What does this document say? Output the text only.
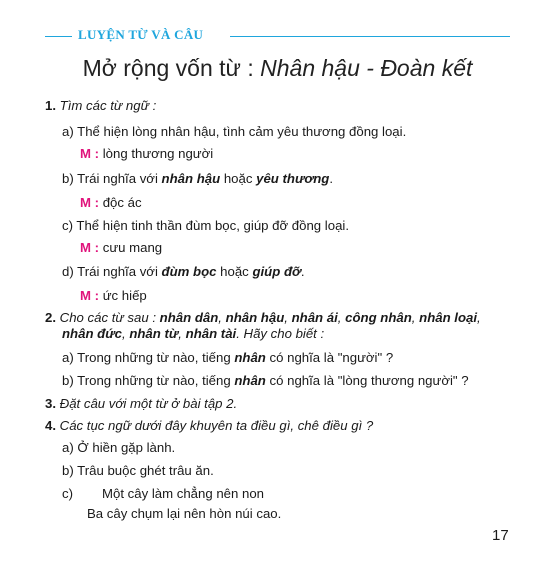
LUYỆN TỪ VÀ CÂU
Mở rộng vốn từ : Nhân hậu - Đoàn kết
1. Tìm các từ ngữ :
a) Thể hiện lòng nhân hậu, tình cảm yêu thương đồng loại.
M : lòng thương người
b) Trái nghĩa với nhân hậu hoặc yêu thương.
M : độc ác
c) Thể hiện tinh thần đùm bọc, giúp đỡ đồng loại.
M : cưu mang
d) Trái nghĩa với đùm bọc hoặc giúp đỡ.
M : ức hiếp
2. Cho các từ sau : nhân dân, nhân hậu, nhân ái, công nhân, nhân loại,
nhân đức, nhân từ, nhân tài. Hãy cho biết :
a) Trong những từ nào, tiếng nhân có nghĩa là "người" ?
b) Trong những từ nào, tiếng nhân có nghĩa là "lòng thương người" ?
3. Đặt câu với một từ ở bài tập 2.
4. Các tục ngữ dưới đây khuyên ta điều gì, chê điều gì ?
a) Ở hiền gặp lành.
b) Trâu buộc ghét trâu ăn.
c) Một cây làm chẳng nên non
Ba cây chụm lại nên hòn núi cao.
17
